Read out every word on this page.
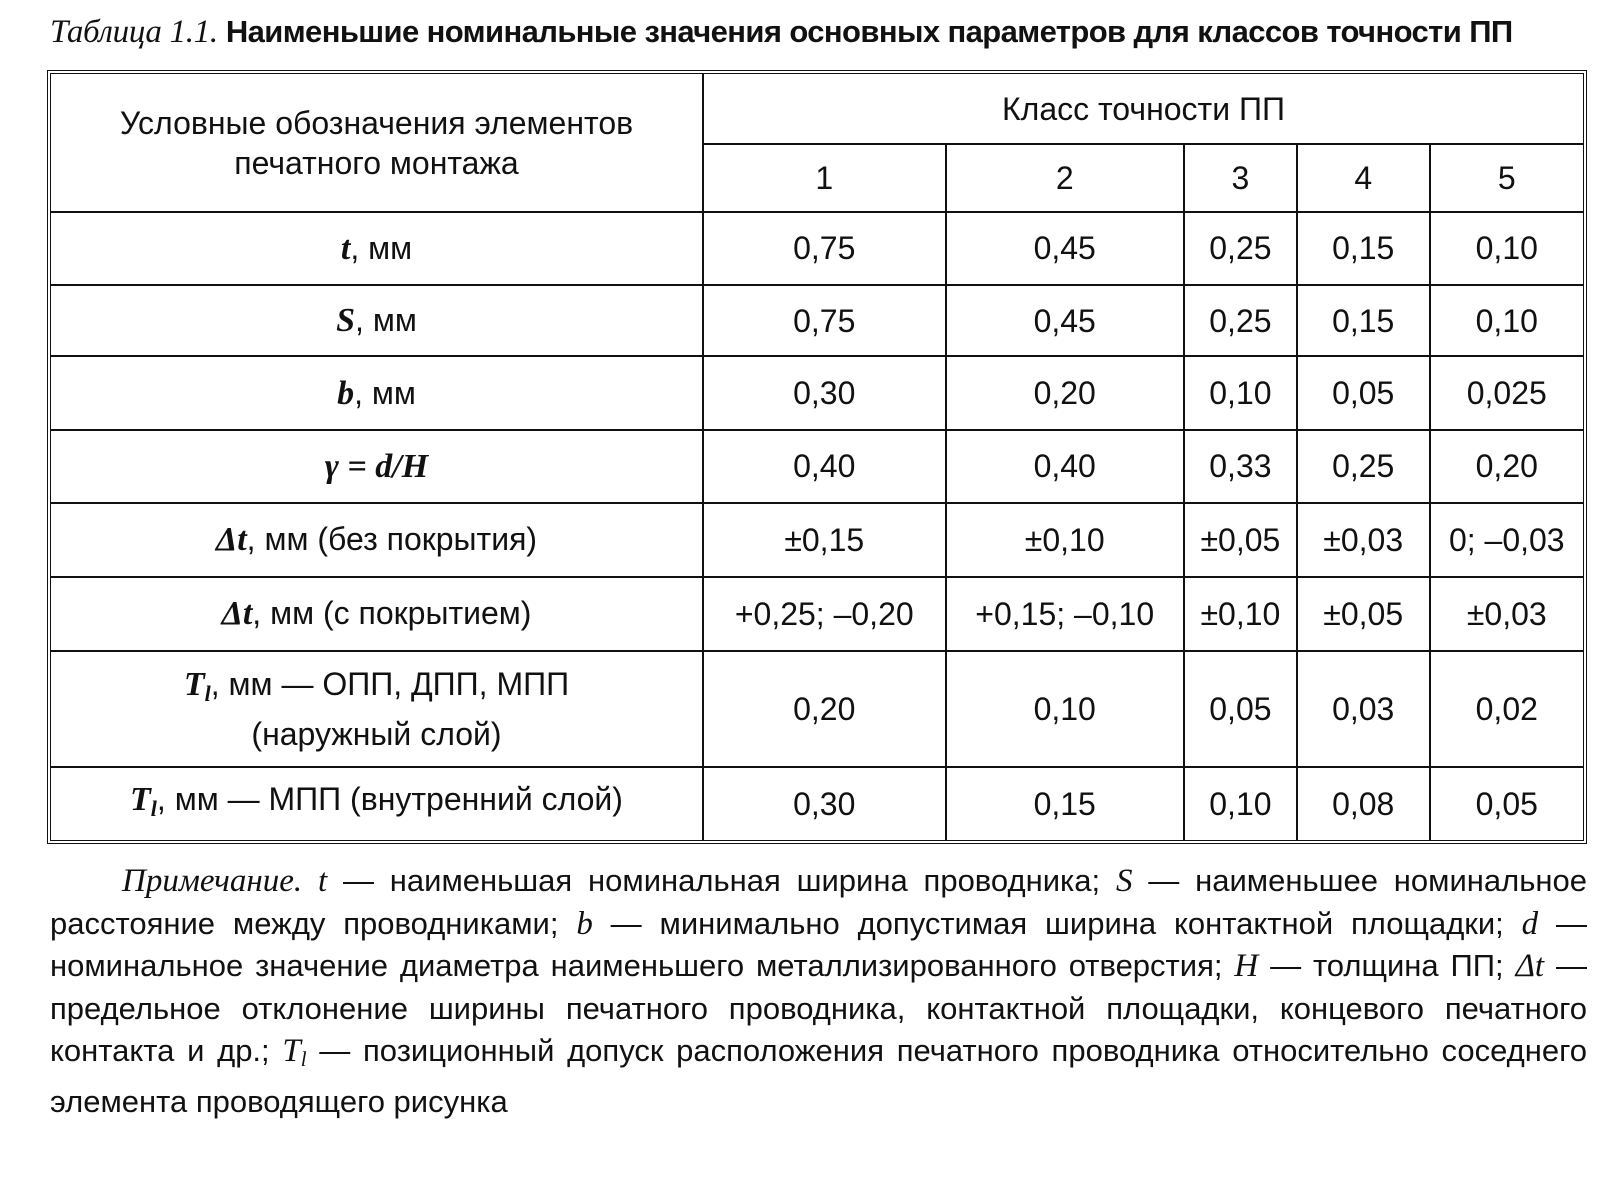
Таблица 1.1. Наименьшие номинальные значения основных параметров для классов точности ПП
Условные обозначения элементов печатного монтажа	Класс точности ПП				
	1	2	3	4	5
t, мм	0,75	0,45	0,25	0,15	0,10
S, мм	0,75	0,45	0,25	0,15	0,10
b, мм	0,30	0,20	0,10	0,05	0,025
γ = d/H	0,40	0,40	0,33	0,25	0,20
Δt, мм (без покрытия)	±0,15	±0,10	±0,05	±0,03	0; –0,03
Δt, мм (с покрытием)	+0,25; –0,20	+0,15; –0,10	±0,10	±0,05	±0,03
$T_l$, мм — ОПП, ДПП, МПП
(наружный слой)	0,20	0,10	0,05	0,03	0,02
$T_l$, мм — МПП (внутренний слой)	0,30	0,15	0,10	0,08	0,05
Примечание. t — наименьшая номинальная ширина проводника; S — наименьшее номинальное расстояние между проводниками; b — минимально допустимая ширина контактной площадки; d — номинальное значение диаметра наименьшего металлизированного отверстия; H — толщина ПП; Δt — предельное отклонение ширины печатного проводника, контактной площадки, концевого печатного контакта и др.; $T_l$ — позиционный допуск расположения печатного проводника относительно соседнего элемента проводящего рисунка
